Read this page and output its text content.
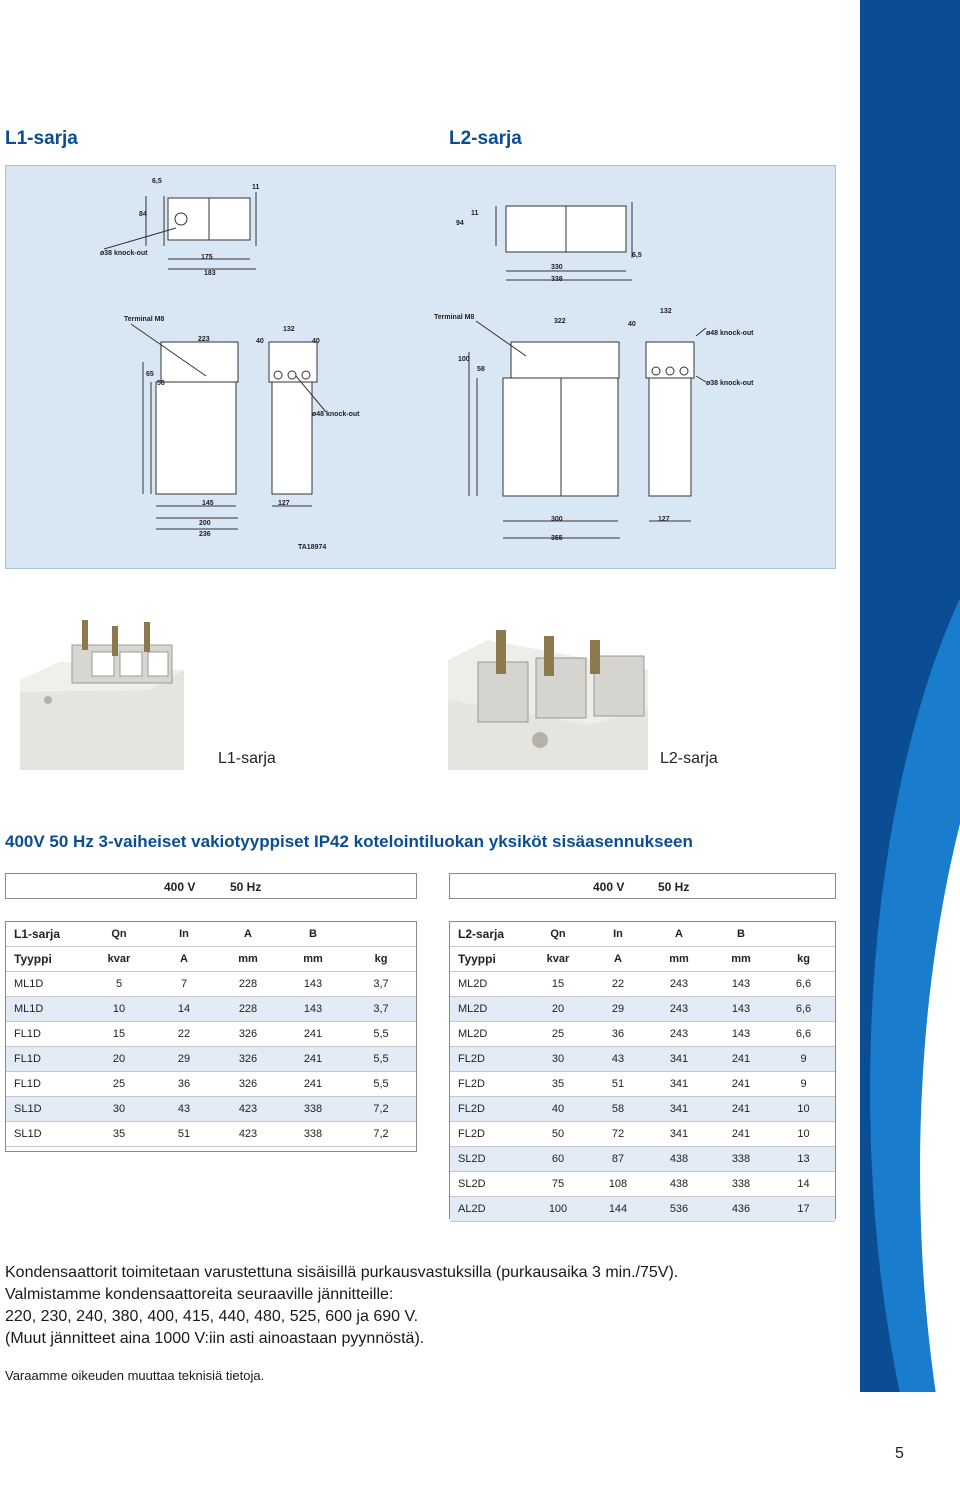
5
L1-sarja	L2-sarja
ø38 knock-out
175
183
84
6,5
11
94
11
6,5
330
338
Terminal M8
223	40
132
40
65
56
ø48 knock-out
145	127
200
236
TA18974
Terminal M8
322	40
132
ø48 knock-out
ø38 knock-out
100
58
300	127
355
L1-sarja	L2-sarja
400V 50 Hz 3-vaiheiset vakiotyyppiset IP42 kotelointiluokan yksiköt sisäasennukseen
400 V	50 Hz
L1-sarja	Qn	In	A	B	
Tyyppi	kvar	A	mm	mm	kg
ML1D	5	7	228	143	3,7
ML1D	10	14	228	143	3,7
FL1D	15	22	326	241	5,5
FL1D	20	29	326	241	5,5
FL1D	25	36	326	241	5,5
SL1D	30	43	423	338	7,2
SL1D	35	51	423	338	7,2
400 V	50 Hz
L2-sarja	Qn	In	A	B	
Tyyppi	kvar	A	mm	mm	kg
ML2D	15	22	243	143	6,6
ML2D	20	29	243	143	6,6
ML2D	25	36	243	143	6,6
FL2D	30	43	341	241	9
FL2D	35	51	341	241	9
FL2D	40	58	341	241	10
FL2D	50	72	341	241	10
SL2D	60	87	438	338	13
SL2D	75	108	438	338	14
AL2D	100	144	536	436	17
Kondensaattorit toimitetaan varustettuna sisäisillä purkausvastuksilla (purkausaika 3 min./75V).
Valmistamme kondensaattoreita seuraaville jännitteille:
220, 230, 240, 380, 400, 415, 440, 480, 525, 600 ja 690 V.
(Muut jännitteet aina 1000 V:iin asti ainoastaan pyynnöstä).
Varaamme oikeuden muuttaa teknisiä tietoja.
